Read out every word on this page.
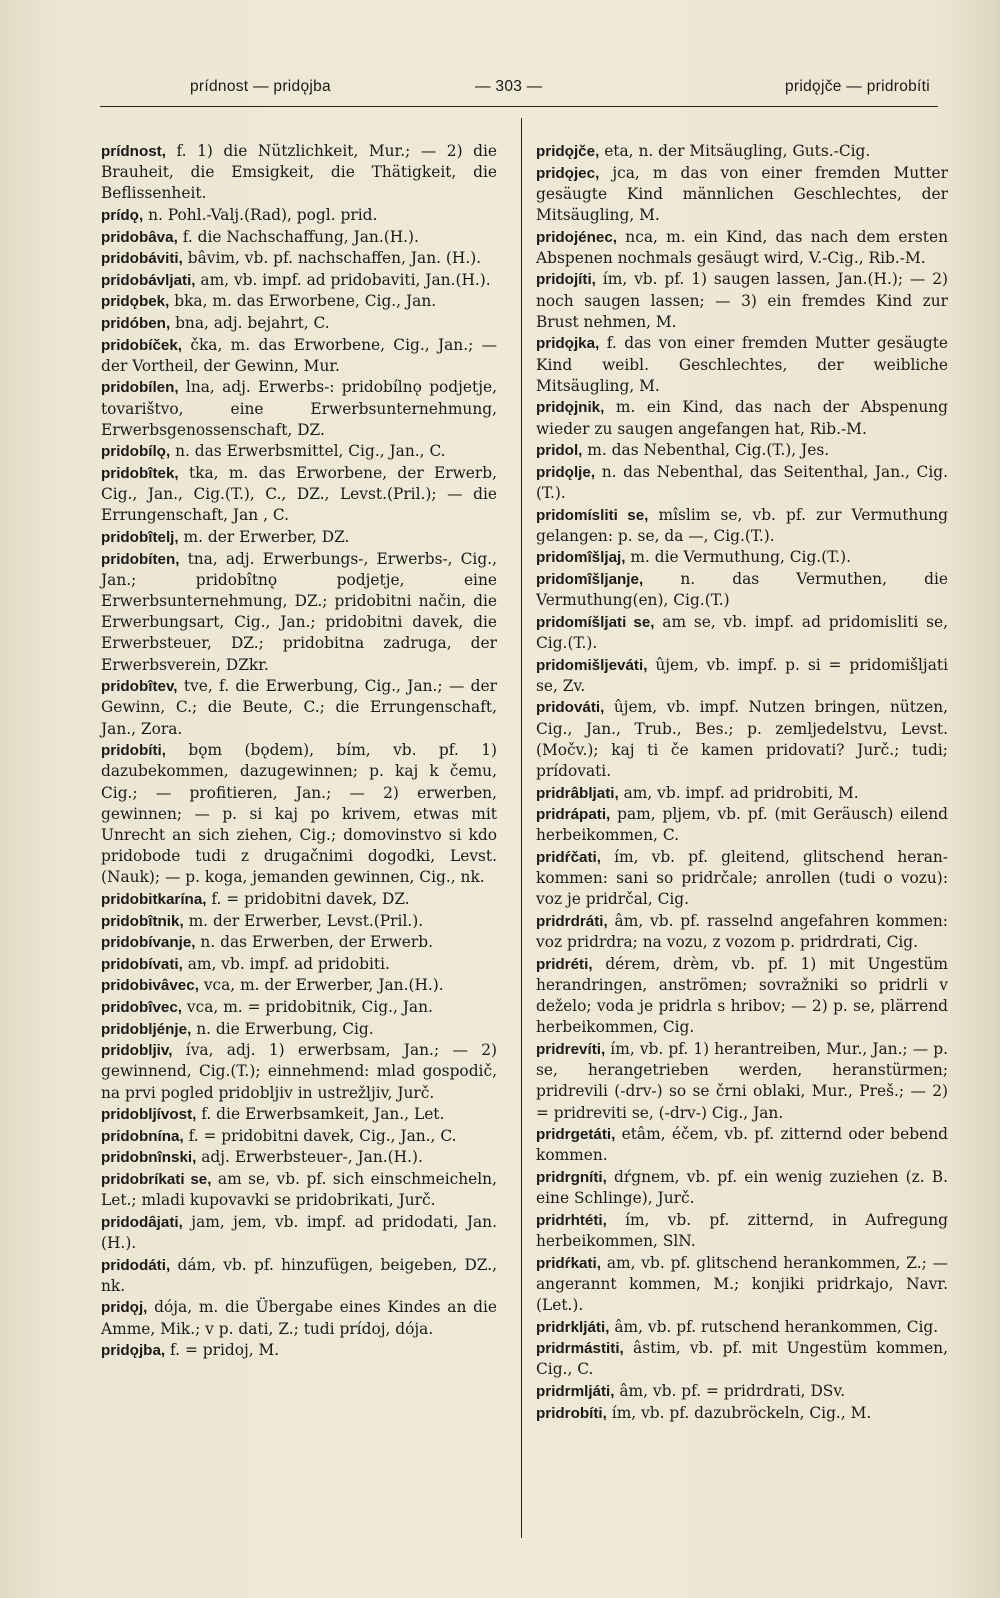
prídnost — pridǫjba	— 303 —	pridǫjče — pridrobíti

prídnost, f. 1) die Nützlichkeit, Mur.; — 2) die Brauheit, die Emsigkeit, die Thätigkeit, die Beflissenheit.

prídǫ, n. Pohl.-Valj.(Rad), pogl. prid.

pridobâva, f. die Nachschaffung, Jan.(H.).

pridobáviti, bâvim, vb. pf. nachschaffen, Jan. (H.).

pridobávljati, am, vb. impf. ad pridobaviti, Jan.(H.).

pridǫbek, bka, m. das Erworbene, Cig., Jan.

pridóben, bna, adj. bejahrt, C.

pridobíček, čka, m. das Erworbene, Cig., Jan.; — der Vortheil, der Gewinn, Mur.

pridobílen, lna, adj. Erwerbs-: pridobílnǫ podjetje, tovarištvo, eine Erwerbsunternehmung, Erwerbsgenossenschaft, DZ.

pridobílǫ, n. das Erwerbsmittel, Cig., Jan., C.

pridobîtek, tka, m. das Erworbene, der Erwerb, Cig., Jan., Cig.(T.), C., DZ., Levst.(Pril.); — die Errungenschaft, Jan , C.

pridobîtelj, m. der Erwerber, DZ.

pridobíten, tna, adj. Erwerbungs-, Erwerbs-, Cig., Jan.; pridobîtnǫ podjetje, eine Erwerbsunternehmung, DZ.; pridobitni način, die Erwerbungsart, Cig., Jan.; pridobitni davek, die Erwerbsteuer, DZ.; pridobitna zadruga, der Erwerbsverein, DZkr.

pridobîtev, tve, f. die Erwerbung, Cig., Jan.; — der Gewinn, C.; die Beute, C.; die Errungenschaft, Jan., Zora.

pridobíti, bǫm (bǫdem), bím, vb. pf. 1) dazubekommen, dazugewinnen; p. kaj k čemu, Cig.; — profitieren, Jan.; — 2) erwerben, gewinnen; — p. si kaj po krivem, etwas mit Unrecht an sich ziehen, Cig.; domovinstvo si kdo pridobode tudi z drugačnimi dogodki, Levst.(Nauk); — p. koga, jemanden gewinnen, Cig., nk.

pridobitkarína, f. = pridobitni davek, DZ.

pridobîtnik, m. der Erwerber, Levst.(Pril.).

pridobívanje, n. das Erwerben, der Erwerb.

pridobívati, am, vb. impf. ad pridobiti.

pridobivâvec, vca, m. der Erwerber, Jan.(H.).

pridobîvec, vca, m. = pridobitnik, Cig., Jan.

pridobljénje, n. die Erwerbung, Cig.

pridobljiv, íva, adj. 1) erwerbsam, Jan.; — 2) gewinnend, Cig.(T.); einnehmend: mlad gospodič, na prvi pogled pridobljiv in ustrežljiv, Jurč.

pridobljívost, f. die Erwerbsamkeit, Jan., Let.

pridobnína, f. = pridobitni davek, Cig., Jan., C.

pridobnînski, adj. Erwerbsteuer-, Jan.(H.).

pridobríkati se, am se, vb. pf. sich einschmeicheln, Let.; mladi kupovavki se pridobrikati, Jurč.

pridodâjati, jam, jem, vb. impf. ad pridodati, Jan.(H.).

pridodáti, dám, vb. pf. hinzufügen, beigeben, DZ., nk.

pridǫj, dója, m. die Übergabe eines Kindes an die Amme, Mik.; v p. dati, Z.; tudi prídoj, dója.

pridǫjba, f. = pridoj, M.

pridǫjče, eta, n. der Mitsäugling, Guts.-Cig.

pridǫjec, jca, m das von einer fremden Mutter gesäugte Kind männlichen Geschlechtes, der Mitsäugling, M.

pridojénec, nca, m. ein Kind, das nach dem ersten Abspenen nochmals gesäugt wird, V.-Cig., Rib.-M.

pridojíti, ím, vb. pf. 1) saugen lassen, Jan.(H.); — 2) noch saugen lassen; — 3) ein fremdes Kind zur Brust nehmen, M.

pridǫjka, f. das von einer fremden Mutter gesäugte Kind weibl. Geschlechtes, der weibliche Mitsäugling, M.

pridǫjnik, m. ein Kind, das nach der Abspenung wieder zu saugen angefangen hat, Rib.-M.

pridol, m. das Nebenthal, Cig.(T.), Jes.

pridǫlje, n. das Nebenthal, das Seitenthal, Jan., Cig.(T.).

pridomísliti se, mîslim se, vb. pf. zur Vermuthung gelangen: p. se, da —, Cig.(T.).

pridomîšljaj, m. die Vermuthung, Cig.(T.).

pridomîšljanje, n. das Vermuthen, die Vermuthung(en), Cig.(T.)

pridomíšljati se, am se, vb. impf. ad pridomisliti se, Cig.(T.).

pridomišljeváti, ûjem, vb. impf. p. si = pridomišljati se, Zv.

pridováti, ûjem, vb. impf. Nutzen bringen, nützen, Cig., Jan., Trub., Bes.; p. zemljedelstvu, Levst.(Močv.); kaj ti če kamen pridovati? Jurč.; tudi; prídovati.

pridrâbljati, am, vb. impf. ad pridrobiti, M.

pridrápati, pam, pljem, vb. pf. (mit Geräusch) eilend herbeikommen, C.

pridŕčati, ím, vb. pf. gleitend, glitschend heran-kommen: sani so pridrčale; anrollen (tudi o vozu): voz je pridrčal, Cig.

pridrdráti, âm, vb. pf. rasselnd angefahren kommen: voz pridrdra; na vozu, z vozom p. pridrdrati, Cig.

pridréti, dérem, drèm, vb. pf. 1) mit Ungestüm herandringen, anströmen; sovražniki so pridrli v deželo; voda je pridrla s hribov; — 2) p. se, plärrend herbeikommen, Cig.

pridrevíti, ím, vb. pf. 1) herantreiben, Mur., Jan.; — p. se, herangetrieben werden, heranstürmen; pridrevili (-drv-) so se črni oblaki, Mur., Preš.; — 2) = pridreviti se, (-drv-) Cig., Jan.

pridrgetáti, etâm, éčem, vb. pf. zitternd oder bebend kommen.

pridrgníti, dŕgnem, vb. pf. ein wenig zuziehen (z. B. eine Schlinge), Jurč.

pridrhtéti, ím, vb. pf. zitternd, in Aufregung herbeikommen, SlN.

pridŕkati, am, vb. pf. glitschend herankommen, Z.; — angerannt kommen, M.; konjiki pridrkajo, Navr.(Let.).

pridrkljáti, âm, vb. pf. rutschend herankommen, Cig.

pridrmástiti, âstim, vb. pf. mit Ungestüm kommen, Cig., C.

pridrmljáti, âm, vb. pf. = pridrdrati, DSv.

pridrobíti, ím, vb. pf. dazubröckeln, Cig., M.
